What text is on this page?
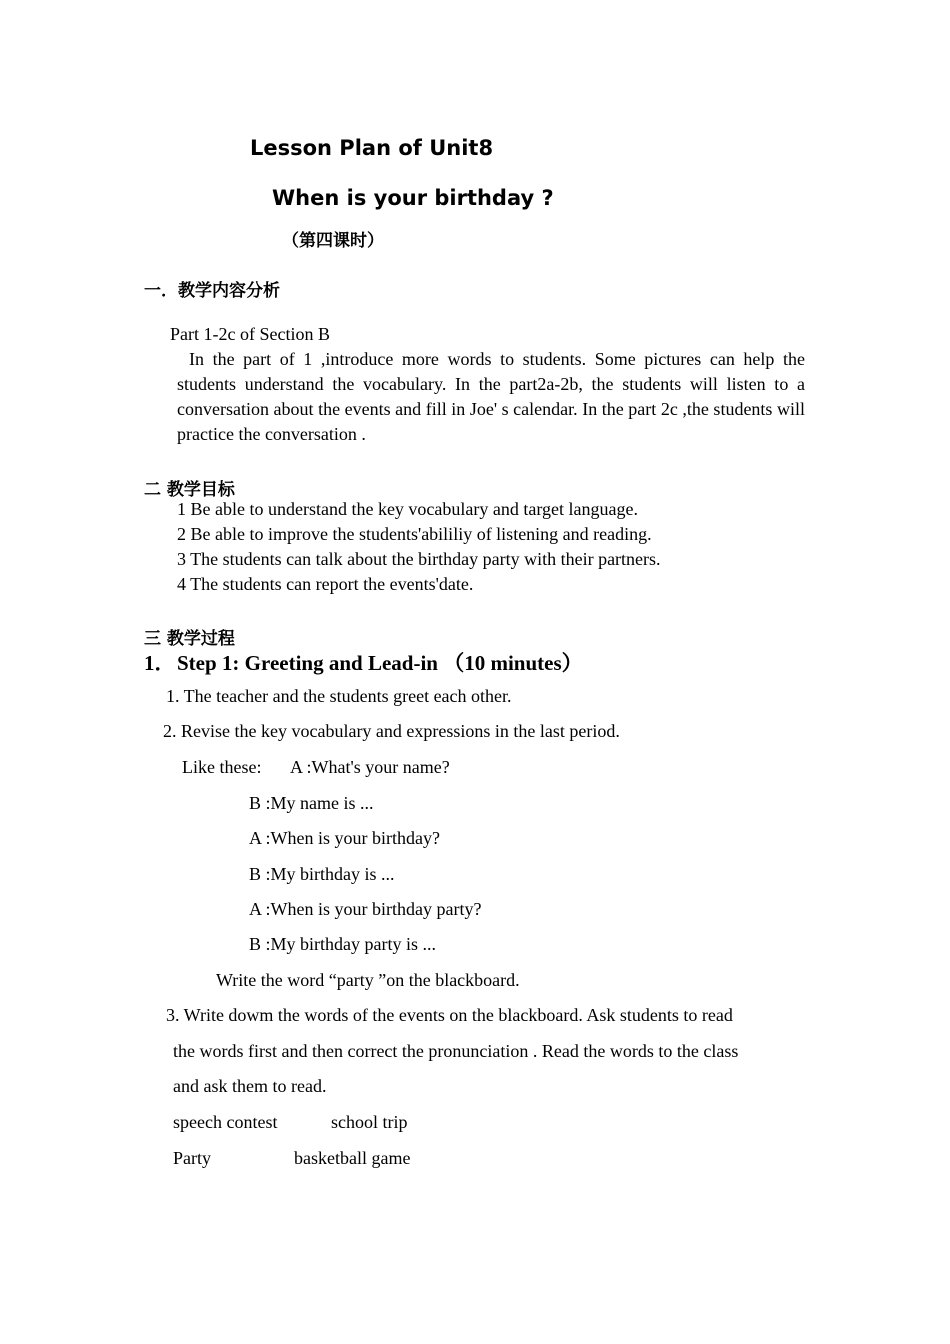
Lesson Plan of Unit8
When is your birthday ?
（第四课时）
一．教学内容分析
Part 1-2c of Section B
In the part of 1 ,introduce more words to students. Some pictures can help the students understand the vocabulary. In the part2a-2b, the students will listen to a conversation about the events and fill in Joe' s calendar. In the part 2c ,the students will practice the conversation .
二 教学目标
1 Be able to understand the key vocabulary and target language.
2 Be able to improve the students'abililiy of listening and reading.
3 The students can talk about the birthday party with their partners.
4 The students can report the events'date.
三 教学过程
1． Step 1: Greeting and Lead-in （10 minutes）
1. The teacher and the students greet each other.
2. Revise the key vocabulary and expressions in the last period.
Like these: A :What's your name?
B :My name is ...
A :When is your birthday?
B :My birthday is ...
A :When is your birthday party?
B :My birthday party is ...
Write the word “party ”on the blackboard.
3. Write dowm the words of the events on the blackboard. Ask students to read
the words first and then correct the pronunciation . Read the words to the class
and ask them to read.
speech contest	school trip
Party	basketball game
